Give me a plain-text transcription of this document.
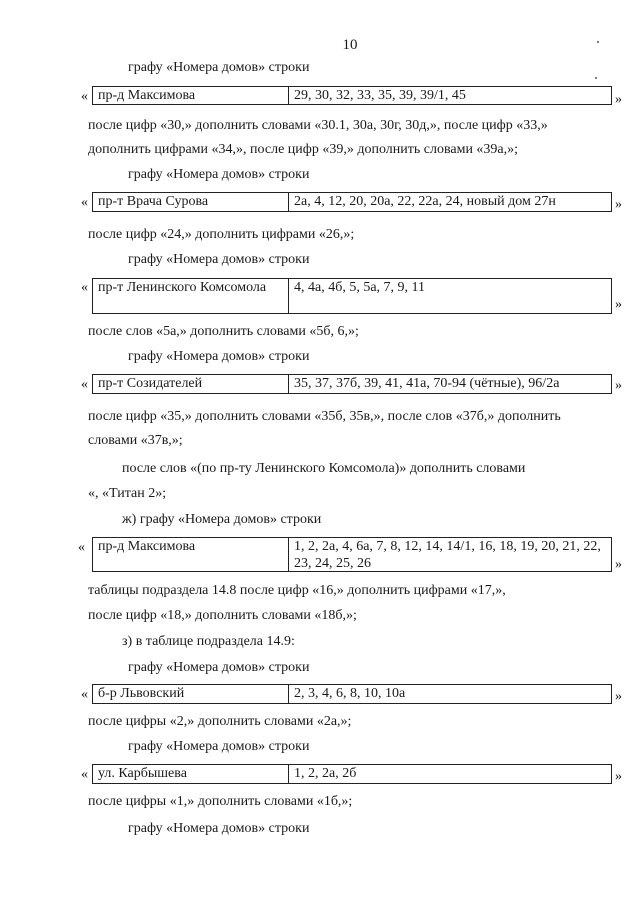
10
графу «Номера домов» строки
« пр-д Максимова	29, 30, 32, 33, 35, 39, 39/1, 45	»
после цифр «30,» дополнить словами «30.1, 30а, 30г, 30д,», после цифр «33,»
дополнить цифрами «34,», после цифр «39,» дополнить словами «39а,»;
графу «Номера домов» строки
« пр-т Врача Сурова	2а, 4, 12, 20, 20а, 22, 22а, 24, новый дом 27н	»
после цифр «24,» дополнить цифрами «26,»;
графу «Номера домов» строки
« пр-т Ленинского Комсомола	4, 4а, 4б, 5, 5а, 7, 9, 11
»
после слов «5а,» дополнить словами «5б, 6,»;
графу «Номера домов» строки
« пр-т Созидателей	35, 37, 37б, 39, 41, 41а, 70-94 (чётные), 96/2а	»
после цифр «35,» дополнить словами «35б, 35в,», после слов «37б,» дополнить
словами «37в,»;
после слов «(по пр-ту Ленинского Комсомола)» дополнить словами
«, «Титан 2»;
ж) графу «Номера домов» строки
« пр-д Максимова	1, 2, 2а, 4, 6а, 7, 8, 12, 14, 14/1, 16, 18, 19, 20, 21, 22, 23, 24, 25, 26	»
таблицы подраздела 14.8 после цифр «16,» дополнить цифрами «17,»,
после цифр «18,» дополнить словами «18б,»;
з) в таблице подраздела 14.9:
графу «Номера домов» строки
« б-р Львовский	2, 3, 4, 6, 8, 10, 10а	»
после цифры «2,» дополнить словами «2а,»;
графу «Номера домов» строки
« ул. Карбышева	1, 2, 2а, 2б	»
после цифры «1,» дополнить словами «1б,»;
графу «Номера домов» строки
